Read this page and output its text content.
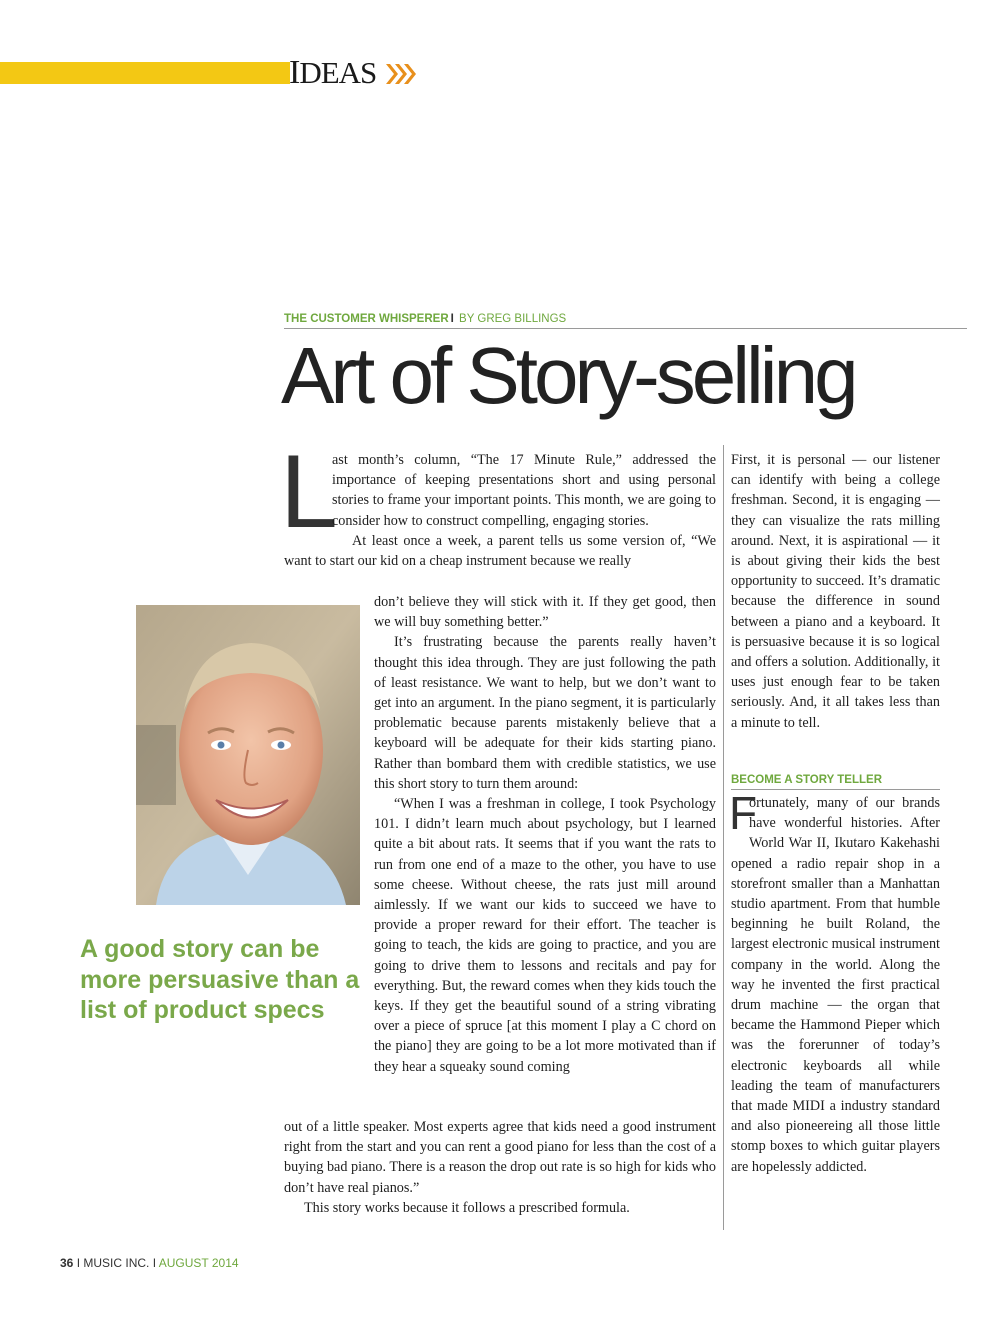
IDEAS
THE CUSTOMER WHISPERER I BY GREG BILLINGS
Art of Story-selling

L
ast month’s column, “The 17 Minute Rule,” addressed the importance of keeping presentations short and using personal stories to frame your important points. This month, we are going to consider how to construct compelling, engaging stories.

At least once a week, a parent tells us some version of, “We want to start our kid on a cheap instrument because we really

A good story can be more persuasive than a list of product specs

don’t believe they will stick with it. If they get good, then we will buy something better.”

It’s frustrating because the parents really haven’t thought this idea through. They are just following the path of least resistance. We want to help, but we don’t want to get into an argument. In the piano segment, it is particularly problematic because parents mistakenly believe that a keyboard will be adequate for their kids starting piano. Rather than bombard them with credible statistics, we use this short story to turn them around:

“When I was a freshman in college, I took Psychology 101. I didn’t learn much about psychology, but I learned quite a bit about rats. It seems that if you want the rats to run from one end of a maze to the other, you have to use some cheese. Without cheese, the rats just mill around aimlessly. If we want our kids to succeed we have to provide a proper reward for their effort. The teacher is going to teach, the kids are going to practice, and you are going to drive them to lessons and recitals and pay for everything. But, the reward comes when they kids touch the keys. If they get the beautiful sound of a string vibrating over a piece of spruce [at this moment I play a C chord on the piano] they are going to be a lot more motivated than if they hear a squeaky sound coming

out of a little speaker. Most experts agree that kids need a good instrument right from the start and you can rent a good piano for less than the cost of a buying bad piano. There is a reason the drop out rate is so high for kids who don’t have real pianos.”

This story works because it follows a prescribed formula.

First, it is personal — our listener can identify with being a college freshman. Second, it is engaging — they can visualize the rats milling around. Next, it is aspirational — it is about giving their kids the best opportunity to succeed. It’s dramatic because the difference in sound between a piano and a keyboard. It is persuasive because it is so logical and offers a solution. Additionally, it uses just enough fear to be taken seriously. And, it all takes less than a minute to tell.

BECOME A STORY TELLER

F
ortunately, many of our brands have wonderful histories. After World War II, Ikutaro Kakehashi opened a radio repair shop in a storefront smaller than a Manhattan studio apartment. From that humble beginning he built Roland, the largest electronic musical instrument company in the world. Along the way he invented the first practical drum machine — the organ that became the Hammond Pieper which was the forerunner of today’s electronic keyboards all while leading the team of manufacturers that made MIDI a industry standard and also pioneereing all those little stomp boxes to which guitar players are hopelessly addicted.

36 I MUSIC INC. I AUGUST 2014
